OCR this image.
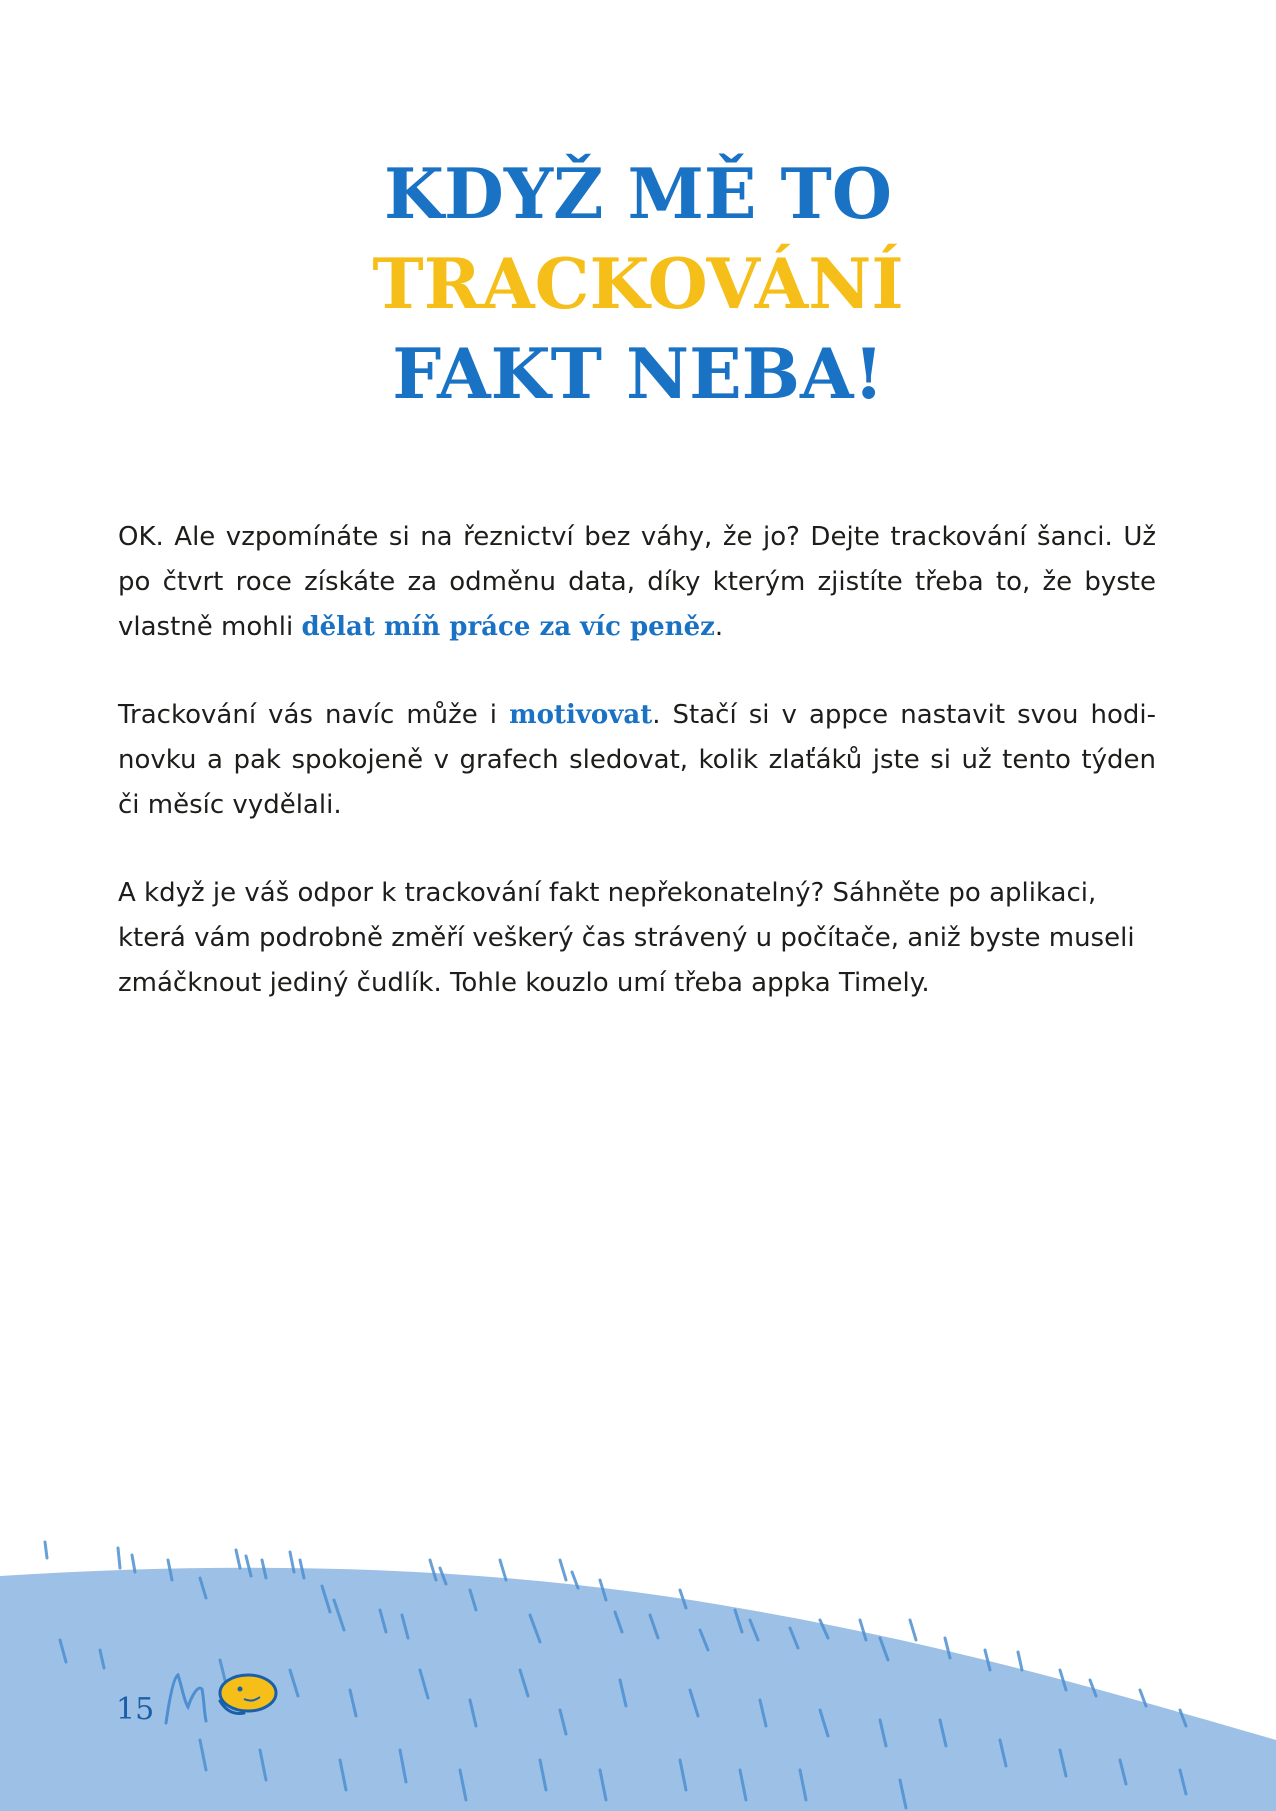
KDYŽ MĚ TO
TRACKOVÁNÍ
FAKT NEBA!

OK. Ale vzpomínáte si na řeznictví bez váhy, že jo? Dejte trackování šanci. Už po čtvrt roce získáte za odměnu data, díky kterým zjistíte třeba to, že byste vlastně mohli dělat míň práce za víc peněz.

Trackování vás navíc může i motivovat. Stačí si v appce nastavit svou hodinovku a pak spokojeně v grafech sledovat, kolik zlaťáků jste si už tento týden či měsíc vydělali.

A když je váš odpor k trackování fakt nepřekonatelný? Sáhněte po aplikaci, která vám podrobně změří veškerý čas strávený u počítače, aniž byste museli zmáčknout jediný čudlík. Tohle kouzlo umí třeba appka Timely.

15
